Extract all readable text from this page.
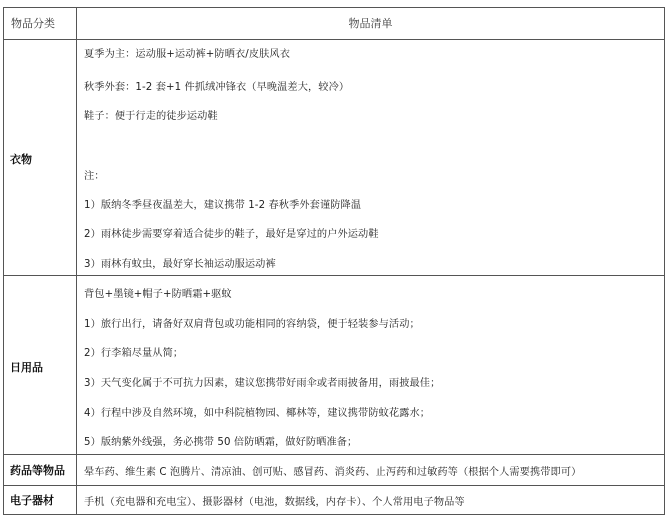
物品分类	物品清单
衣物
夏季为主：运动服+运动裤+防晒衣/皮肤风衣
秋季外套：1-2 套+1 件抓绒冲锋衣（早晚温差大，较冷）
鞋子：便于行走的徒步运动鞋
注：
1）版纳冬季昼夜温差大，建议携带 1-2 春秋季外套谨防降温
2）雨林徒步需要穿着适合徒步的鞋子，最好是穿过的户外运动鞋
3）雨林有蚊虫，最好穿长袖运动服运动裤
日用品
背包+墨镜+帽子+防晒霜+驱蚊
1）旅行出行，请备好双肩背包或功能相同的容纳袋，便于轻装参与活动；
2）行李箱尽量从简；
3）天气变化属于不可抗力因素，建议您携带好雨伞或者雨披备用，雨披最佳；
4）行程中涉及自然环境，如中科院植物园、椰林等，建议携带防蚊花露水；
5）版纳紫外线强，务必携带 50 倍防晒霜，做好防晒准备；
药品等物品 晕车药、维生素 C 泡腾片、清凉油、创可贴、感冒药、消炎药、止泻药和过敏药等（根据个人需要携带即可）
电子器材	手机（充电器和充电宝）、摄影器材（电池，数据线，内存卡）、个人常用电子物品等
